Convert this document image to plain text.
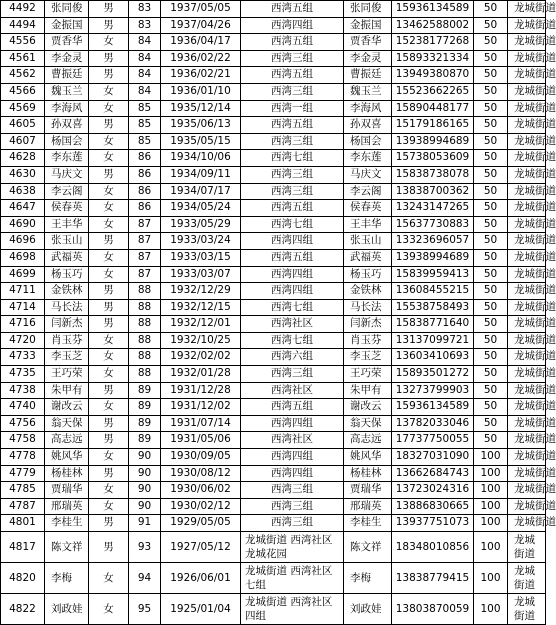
4492	张同俊	男	83	1937/05/05	西湾五组	张同俊	15936134589	50	龙城街道
4494	金振国	男	83	1937/04/26	西湾四组	金振国	13462588002	50	龙城街道
4556	贾香华	女	84	1936/04/17	西湾五组	贾香华	15238177268	50	龙城街道
4561	李金灵	男	84	1936/02/22	西湾三组	李金灵	15893321334	50	龙城街道
4562	曹振廷	男	84	1936/02/21	西湾五组	曹振廷	13949380870	50	龙城街道
4566	魏玉兰	女	84	1936/01/10	西湾三组	魏玉兰	15523662265	50	龙城街道
4569	李海风	女	85	1935/12/14	西湾一组	李海风	15890448177	50	龙城街道
4605	孙双喜	男	85	1935/06/13	西湾五组	孙双喜	15179186165	50	龙城街道
4607	杨国会	女	85	1935/05/15	西湾三组	杨国会	13938994689	50	龙城街道
4628	李东莲	女	86	1934/10/06	西湾七组	李东莲	15738053609	50	龙城街道
4630	马庆文	男	86	1934/09/11	西湾三组	马庆文	15838738078	50	龙城街道
4638	李云阁	女	86	1934/07/17	西湾三组	李云阁	13838700362	50	龙城街道
4647	侯春英	女	86	1934/05/24	西湾五组	侯春英	13243147265	50	龙城街道
4690	王丰华	女	87	1933/05/29	西湾七组	王丰华	15637730883	50	龙城街道
4696	张玉山	男	87	1933/03/24	西湾四组	张玉山	13323696057	50	龙城街道
4698	武福英	女	87	1933/03/15	西湾五组	武福英	13938994689	50	龙城街道
4699	杨玉巧	女	87	1933/03/07	西湾四组	杨玉巧	15839959413	50	龙城街道
4711	金铁林	男	88	1932/12/29	西湾四组	金铁林	13608455215	50	龙城街道
4714	马长法	男	88	1932/12/15	西湾七组	马长法	15538758493	50	龙城街道
4716	闫新杰	男	88	1932/12/01	西湾社区	闫新杰	15838771640	50	龙城街道
4720	肖玉芬	女	88	1932/10/25	西湾七组	肖玉芬	13137099721	50	龙城街道
4733	李玉芝	女	88	1932/02/02	西湾六组	李玉芝	13603410693	50	龙城街道
4735	王巧荣	女	88	1932/01/28	西湾三组	王巧荣	15893501272	50	龙城街道
4738	朱甲有	男	89	1931/12/28	西湾社区	朱甲有	13273799903	50	龙城街道
4740	谢改云	女	89	1931/12/02	西湾五组	谢改云	15936134589	50	龙城街道
4756	翁天保	男	89	1931/07/14	西湾四组	翁天保	13782033046	50	龙城街道
4758	高志远	男	89	1931/05/06	西湾社区	高志远	17737750055	50	龙城街道
4778	姚风华	女	90	1930/09/05	西湾四组	姚风华	18327031090	100	龙城街道
4779	杨桂林	男	90	1930/08/12	西湾四组	杨桂林	13662684743	100	龙城街道
4785	贾瑞华	女	90	1930/06/02	西湾三组	贾瑞华	13723024316	100	龙城街道
4787	邢瑞英	女	90	1930/02/12	西湾三组	邢瑞英	13886830665	100	龙城街道
4801	李桂生	男	91	1929/05/05	西湾三组	李桂生	13937751073	100	龙城街道
4817	陈文祥	男	93	1927/05/12	龙城街道 西湾社区龙城花园	陈文祥	18348010856	100	龙城街道
4820	李梅	女	94	1926/06/01	龙城街道 西湾社区七组	李梅	13838779415	100	龙城街道
4822	刘政娃	女	95	1925/01/04	龙城街道 西湾社区四组	刘政娃	13803870059	100	龙城街道
